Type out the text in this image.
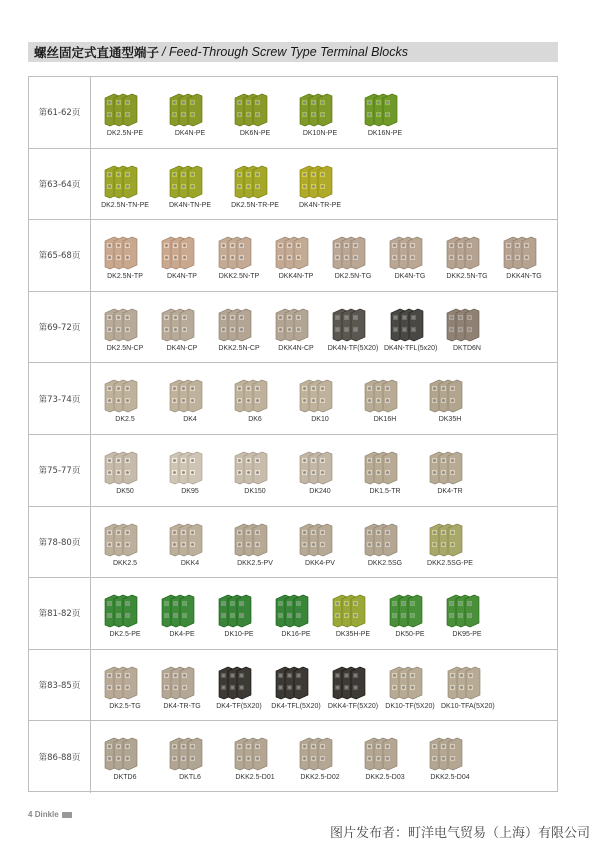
螺丝固定式直通型端子 / Feed-Through Screw Type Terminal Blocks
第61-62页
DK2.5N-PE	DK4N-PE	DK6N-PE	DK10N-PE	DK16N-PE
第63-64页
DK2.5N-TN-PE	DK4N-TN-PE	DK2.5N-TR-PE	DK4N-TR-PE
第65-68页
DK2.5N-TP	DK4N-TP	DKK2.5N-TP	DKK4N-TP	DK2.5N-TG	DK4N-TG	DKK2.5N-TG	DKK4N-TG
第69-72页
DK2.5N-CP	DK4N-CP	DKK2.5N-CP	DKK4N-CP DK4N-TF(5X20) DK4N-TFL(5x20) DKTD6N
第73-74页
DK2.5	DK4	DK6	DK10	DK16H	DK35H
第75-77页
DK50	DK95	DK150	DK240	DK1.5-TR	DK4-TR
第78-80页
DKK2.5	DKK4	DKK2.5-PV	DKK4-PV	DKK2.5SG	DKK2.5SG-PE
第81-82页
DK2.5-PE	DK4-PE	DK10-PE	DK16-PE	DK35H-PE	DK50-PE	DK95-PE
第83-85页
DK2.5-TG	DK4-TR-TG DK4-TF(5X20) DK4-TFL(5X20) DKK4-TF(5X20) DK10-TF(5X20) DK10-TFA(5X20)
第86-88页
DKTD6	DKTL6	DKK2.5-D01	DKK2.5-D02	DKK2.5-D03	DKK2.5-D04
4 Dinkle
图片发布者：町洋电气贸易（上海）有限公司
